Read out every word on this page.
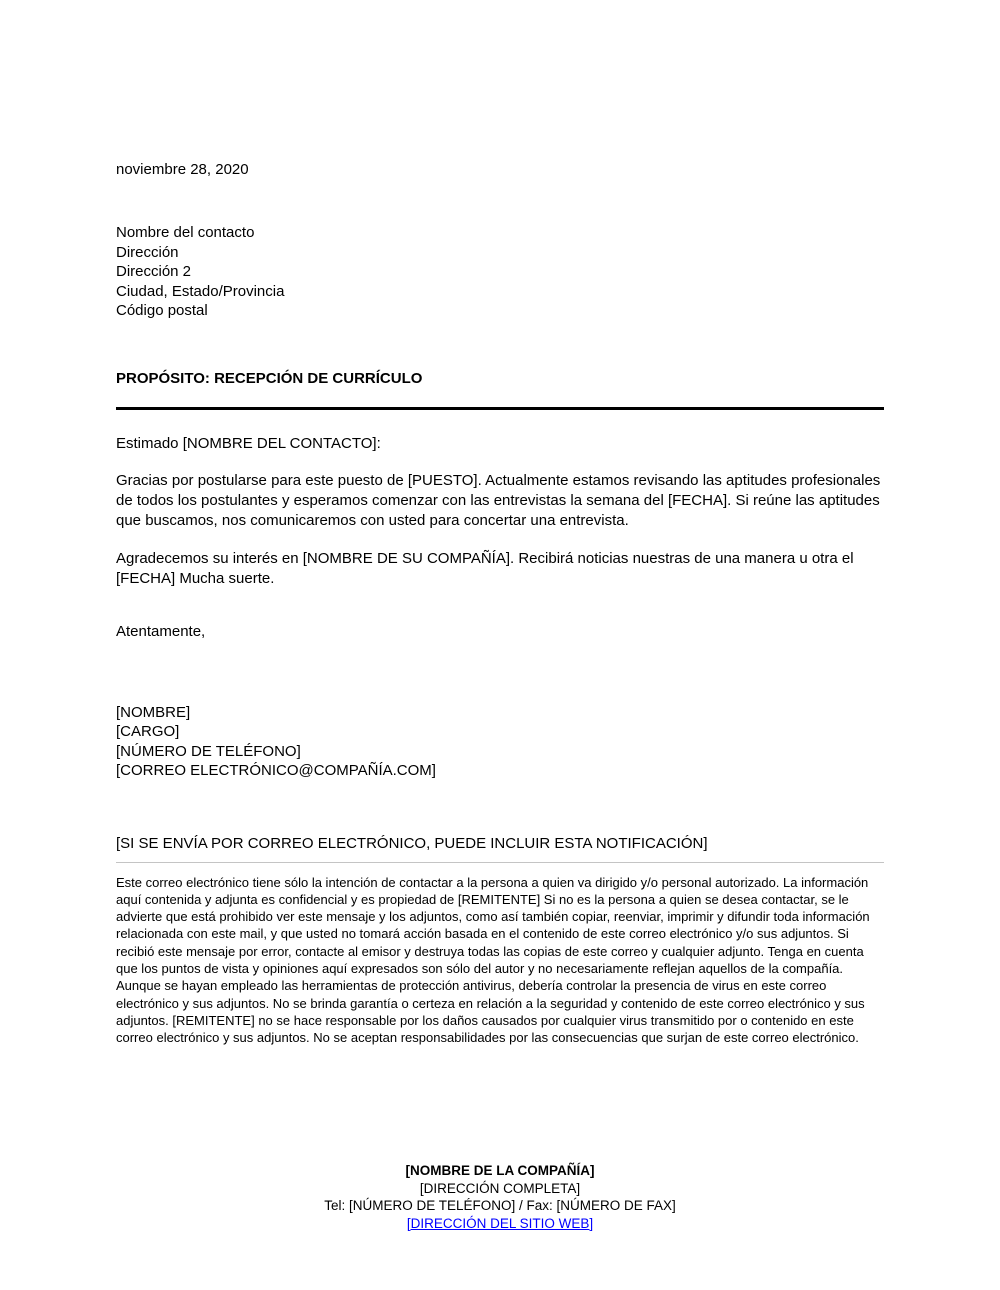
noviembre 28, 2020
Nombre del contacto
Dirección
Dirección 2
Ciudad, Estado/Provincia
Código postal
PROPÓSITO: RECEPCIÓN DE CURRÍCULO
Estimado [NOMBRE DEL CONTACTO]:
Gracias por postularse para este puesto de [PUESTO]. Actualmente estamos revisando las aptitudes profesionales de todos los postulantes y esperamos comenzar con las entrevistas la semana del [FECHA]. Si reúne las aptitudes que buscamos, nos comunicaremos con usted para concertar una entrevista.
Agradecemos su interés en [NOMBRE DE SU COMPAÑÍA]. Recibirá noticias nuestras de una manera u otra el [FECHA] Mucha suerte.
Atentamente,
[NOMBRE]
[CARGO]
[NÚMERO DE TELÉFONO]
[CORREO ELECTRÓNICO@COMPAÑÍA.COM]
[SI SE ENVÍA POR CORREO ELECTRÓNICO, PUEDE INCLUIR ESTA NOTIFICACIÓN]
Este correo electrónico tiene sólo la intención de contactar a la persona a quien va dirigido y/o personal autorizado. La información aquí contenida y adjunta es confidencial y es propiedad de [REMITENTE] Si no es la persona a quien se desea contactar, se le advierte que está prohibido ver este mensaje y los adjuntos, como así también copiar, reenviar, imprimir y difundir toda información relacionada con este mail, y que usted no tomará acción basada en el contenido de este correo electrónico y/o sus adjuntos. Si recibió este mensaje por error, contacte al emisor y destruya todas las copias de este correo y cualquier adjunto. Tenga en cuenta que los puntos de vista y opiniones aquí expresados son sólo del autor y no necesariamente reflejan aquellos de la compañía. Aunque se hayan empleado las herramientas de protección antivirus, debería controlar la presencia de virus en este correo electrónico y sus adjuntos. No se brinda garantía o certeza en relación a la seguridad y contenido de este correo electrónico y sus adjuntos. [REMITENTE] no se hace responsable por los daños causados por cualquier virus transmitido por o contenido en este correo electrónico y sus adjuntos. No se aceptan responsabilidades por las consecuencias que surjan de este correo electrónico.
[NOMBRE DE LA COMPAÑÍA]
[DIRECCIÓN COMPLETA]
Tel: [NÚMERO DE TELÉFONO] / Fax: [NÚMERO DE FAX]
[DIRECCIÓN DEL SITIO WEB]
